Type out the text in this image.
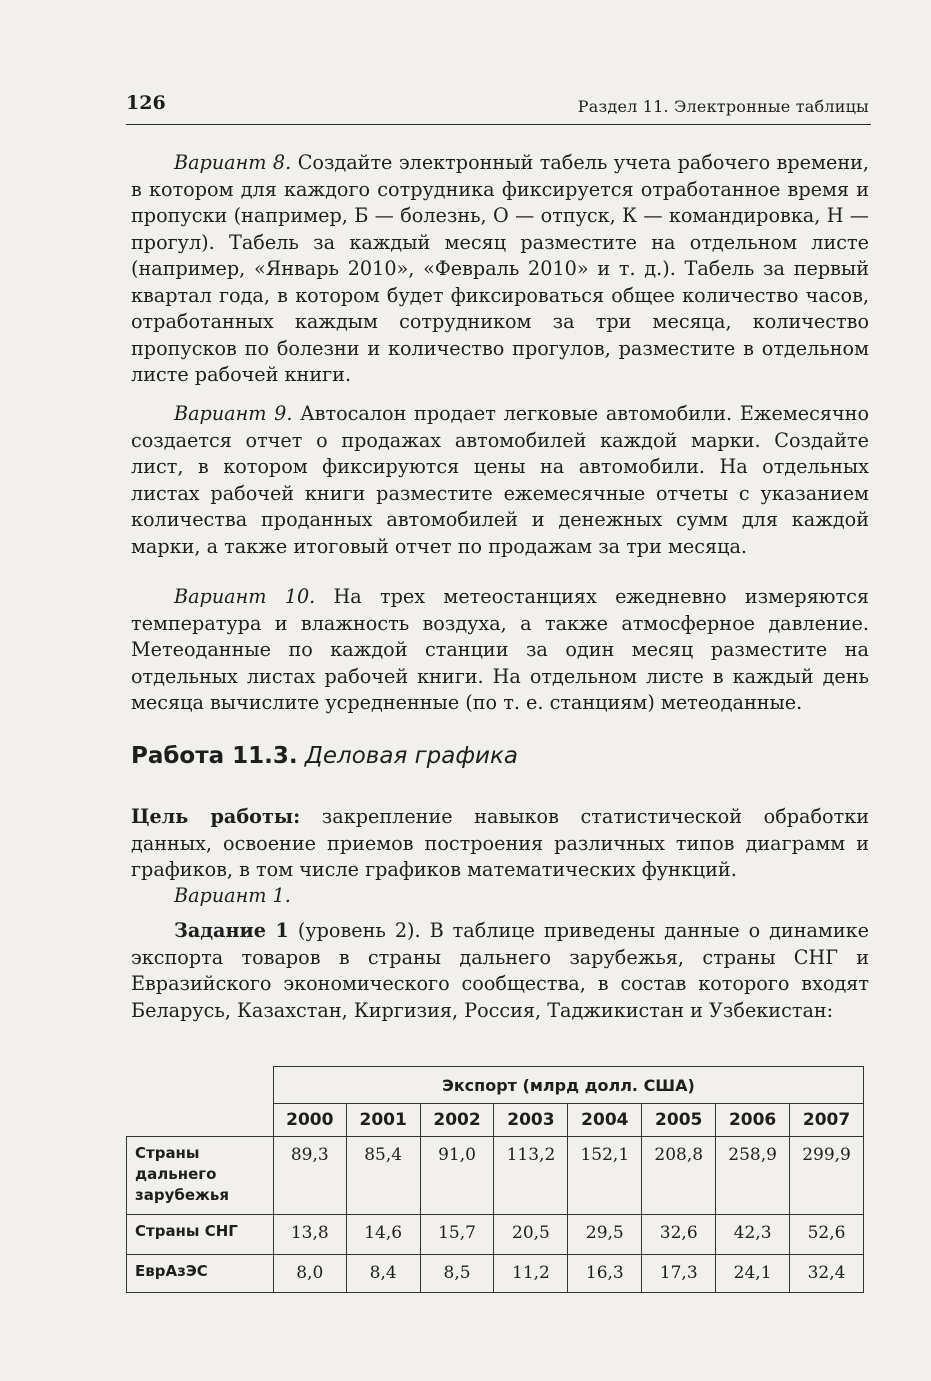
126	Раздел 11. Электронные таблицы

Вариант 8. Создайте электронный табель учета рабочего времени, в котором для каждого сотрудника фиксируется отработанное время и пропуски (например, Б — болезнь, О — отпуск, К — командировка, Н — прогул). Табель за каждый месяц разместите на отдельном листе (например, «Январь 2010», «Февраль 2010» и т. д.). Табель за первый квартал года, в котором будет фиксироваться общее количество часов, отработанных каждым сотрудником за три месяца, количество пропусков по болезни и количество прогулов, разместите в отдельном листе рабочей книги.

Вариант 9. Автосалон продает легковые автомобили. Ежемесячно создается отчет о продажах автомобилей каждой марки. Создайте лист, в котором фиксируются цены на автомобили. На отдельных листах рабочей книги разместите ежемесячные отчеты с указанием количества проданных автомобилей и денежных сумм для каждой марки, а также итоговый отчет по продажам за три месяца.

Вариант 10. На трех метеостанциях ежедневно измеряются температура и влажность воздуха, а также атмосферное давление. Метеоданные по каждой станции за один месяц разместите на отдельных листах рабочей книги. На отдельном листе в каждый день месяца вычислите усредненные (по т. е. станциям) метеоданные.

Работа 11.3. Деловая графика

Цель работы: закрепление навыков статистической обработки данных, освоение приемов построения различных типов диаграмм и графиков, в том числе графиков математических функций.

Вариант 1.

Задание 1 (уровень 2). В таблице приведены данные о динамике экспорта товаров в страны дальнего зарубежья, страны СНГ и Евразийского экономического сообщества, в состав которого входят Беларусь, Казахстан, Киргизия, Россия, Таджикистан и Узбекистан:

	Экспорт (млрд долл. США)							
	2000	2001	2002	2003	2004	2005	2006	2007
Страны дальнего зарубежья	89,3	85,4	91,0	113,2	152,1	208,8	258,9	299,9
Страны СНГ	13,8	14,6	15,7	20,5	29,5	32,6	42,3	52,6
ЕврАзЭС	8,0	8,4	8,5	11,2	16,3	17,3	24,1	32,4
